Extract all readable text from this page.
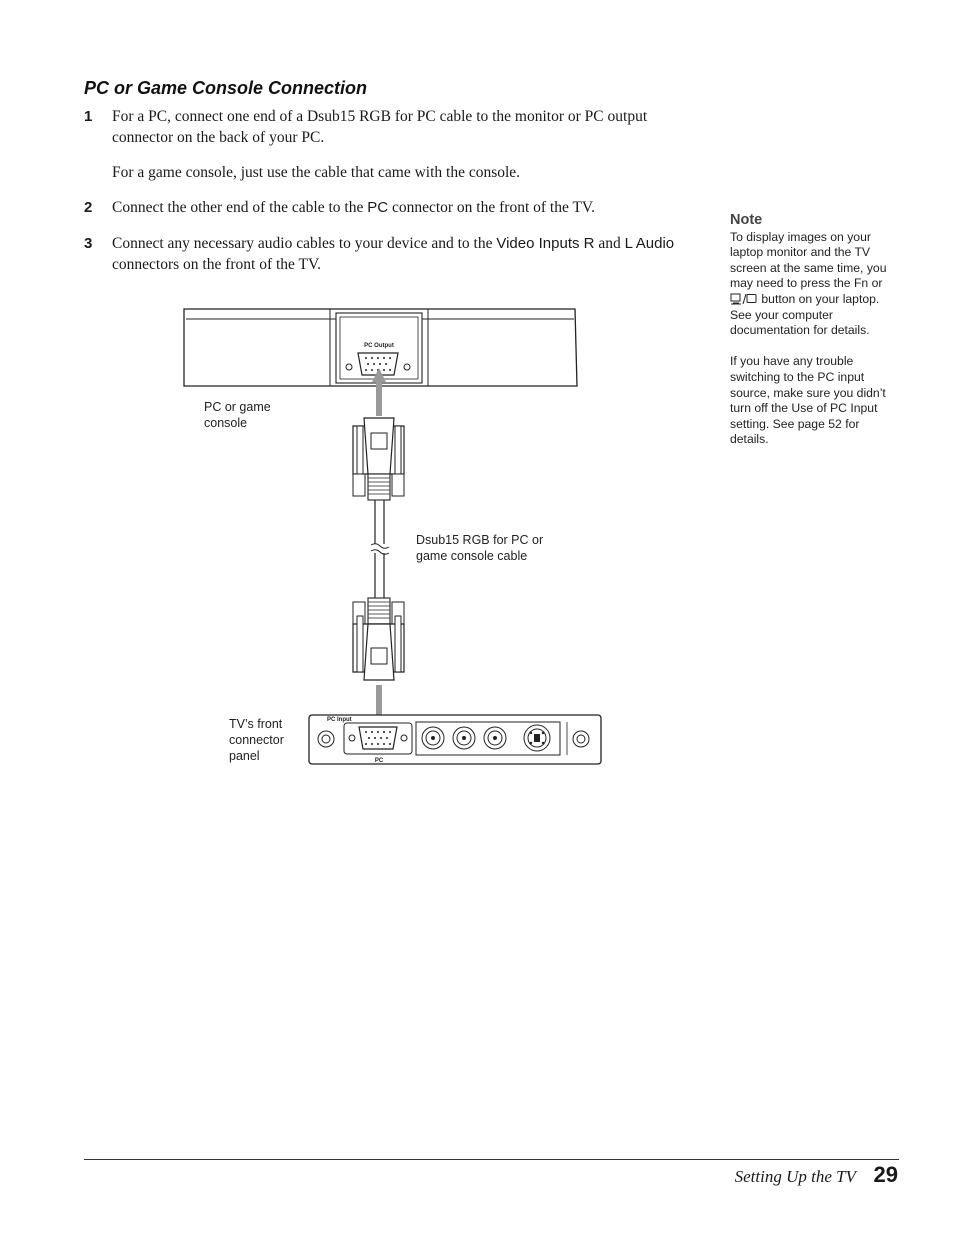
PC or Game Console Connection
1 For a PC, connect one end of a Dsub15 RGB for PC cable to the monitor or PC output connector on the back of your PC.
For a game console, just use the cable that came with the console.
2 Connect the other end of the cable to the PC connector on the front of the TV.
3 Connect any necessary audio cables to your device and to the Video Inputs R and L Audio connectors on the front of the TV.
Note

To display images on your laptop monitor and the TV screen at the same time, you may need to press the Fn or  button on your laptop. See your computer documentation for details.

If you have any trouble switching to the PC input source, make sure you didn’t turn off the Use of PC Input setting. See page 52 for details.

PC Output
PC Input
PC
PC or game console
Dsub15 RGB for PC or game console cable
TV’s front connector panel
Setting Up the TV 29
